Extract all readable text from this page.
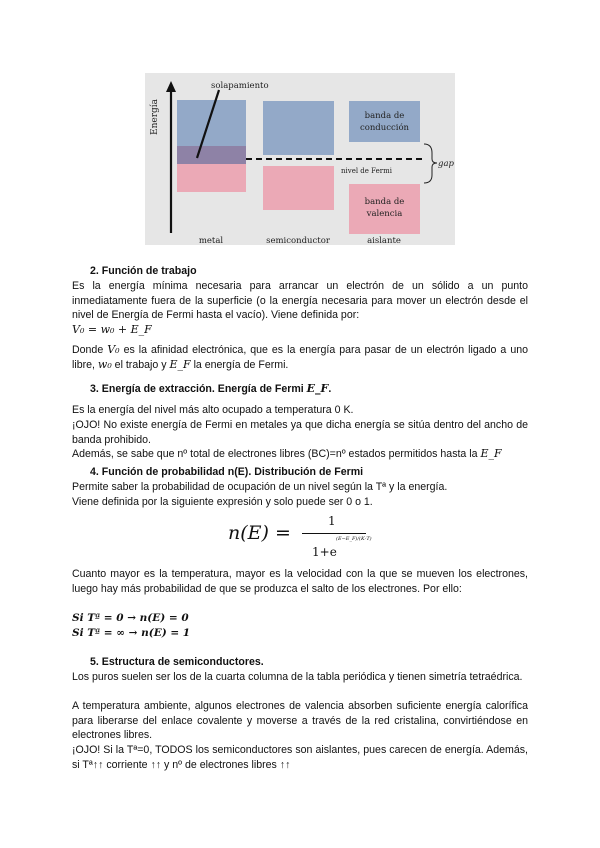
Energía
solapamiento
banda de
conducción
banda de
valencia
nivel de Fermi
gap
metal	semiconductor	aislante
2. Función de trabajo
Es la energía mínima necesaria para arrancar un electrón de un sólido a un punto inmediatamente fuera de la superficie (o la energía necesaria para mover un electrón desde el nivel de Energía de Fermi hasta el vacío). Viene definida por:
V₀ = w₀ + E_F
Donde V₀ es la afinidad electrónica, que es la energía para pasar de un electrón ligado a uno libre, w₀ el trabajo y E_F la energía de Fermi.
3. Energía de extracción. Energía de Fermi E_F.
Es la energía del nivel más alto ocupado a temperatura 0 K.
¡OJO! No existe energía de Fermi en metales ya que dicha energía se sitúa dentro del ancho de banda prohibido.
Además, se sabe que nº total de electrones libres (BC)=nº estados permitidos hasta la E_F
4. Función de probabilidad n(E). Distribución de Fermi
Permite saber la probabilidad de ocupación de un nivel según la Tª y la energía.
Viene definida por la siguiente expresión y solo puede ser 0 o 1.
n(E) =
1
1+e
(E−E_F)/(K·T)
Cuanto mayor es la temperatura, mayor es la velocidad con la que se mueven los electrones, luego hay más probabilidad de que se produzca el salto de los electrones. Por ello:
Si Tª = 0 → n(E) = 0
Si Tª = ∞ → n(E) = 1
5. Estructura de semiconductores.
Los puros suelen ser los de la cuarta columna de la tabla periódica y tienen simetría tetraédrica.
A temperatura ambiente, algunos electrones de valencia absorben suficiente energía calorífica para liberarse del enlace covalente y moverse a través de la red cristalina, convirtiéndose en electrones libres.
¡OJO! Si la Tª=0, TODOS los semiconductores son aislantes, pues carecen de energía. Además, si Tª↑↑ corriente ↑↑ y nº de electrones libres ↑↑
